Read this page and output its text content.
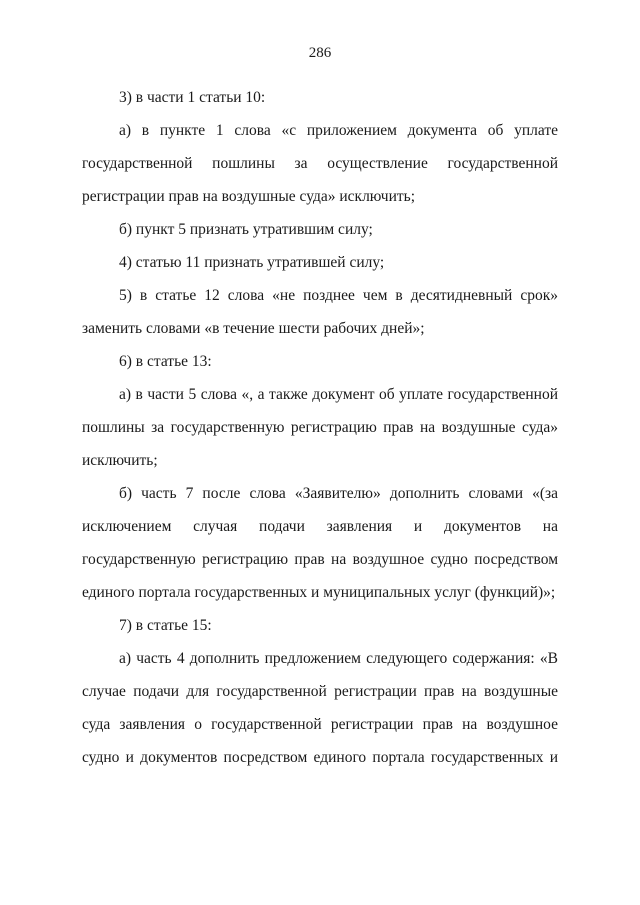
286

3) в части 1 статьи 10:

а) в пункте 1 слова «с приложением документа об уплате государственной пошлины за осуществление государственной регистрации прав на воздушные суда» исключить;

б) пункт 5 признать утратившим силу;

4) статью 11 признать утратившей силу;

5) в статье 12 слова «не позднее чем в десятидневный срок» заменить словами «в течение шести рабочих дней»;

6) в статье 13:

а) в части 5 слова «, а также документ об уплате государственной пошлины за государственную регистрацию прав на воздушные суда» исключить;

б) часть 7 после слова «Заявителю» дополнить словами «(за исключением случая подачи заявления и документов на государственную регистрацию прав на воздушное судно посредством единого портала государственных и муниципальных услуг (функций)»;

7) в статье 15:

а) часть 4 дополнить предложением следующего содержания: «В случае подачи для государственной регистрации прав на воздушные суда заявления о государственной регистрации прав на воздушное судно и документов посредством единого портала государственных и
